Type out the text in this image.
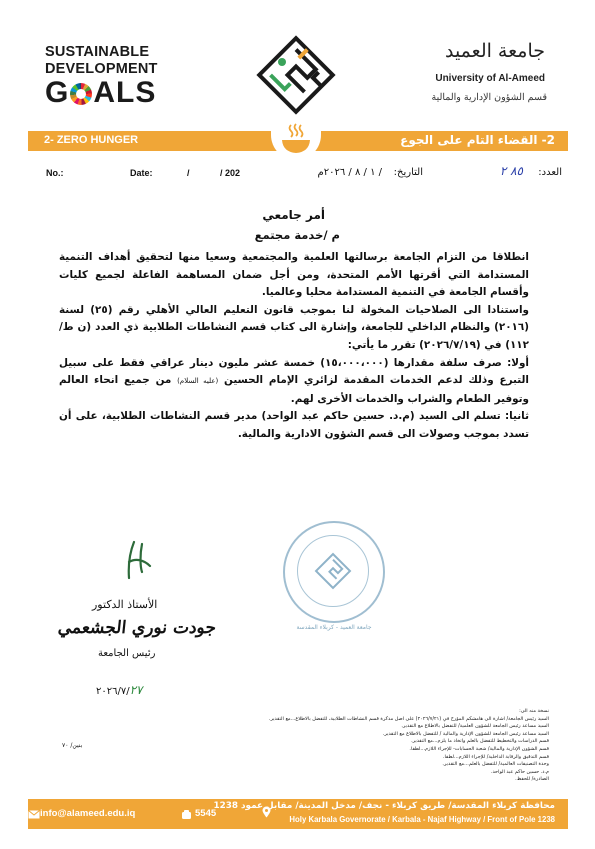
SUSTAINABLE
DEVELOPMENT
G ALS
جامعة العميد
University of Al-Ameed
قسم الشؤون الإدارية والمالية
2- ZERO HUNGER	2- القضاء التام على الجوع
No.:	Date:	/	/ 202	العدد:
٨٥ ٢
التاريخ:
/ ١ / ٨ / ٢٠٢٦م
أمر جامعي
م /خدمة مجتمع

انطلاقا من التزام الجامعة برسالتها العلمية والمجتمعية وسعيا منها لتحقيق أهداف التنمية المستدامة التي أقرتها الأمم المتحدة، ومن أجل ضمان المساهمة الفاعلة لجميع كليات وأقسام الجامعة في التنمية المستدامة محليا وعالميا.

واستنادا الى الصلاحيات المخولة لنا بموجب قانون التعليم العالي الأهلي رقم (٢٥) لسنة (٢٠١٦) والنظام الداخلي للجامعة، وإشارة الى كتاب قسم النشاطات الطلابية ذي العدد (ن ط/١١٢) في (٢٠٢٦/٧/١٩) تقرر ما يأتي:

أولا: صرف سلفة مقدارها (١٥،٠٠٠،٠٠٠) خمسة عشر مليون دينار عراقي فقط على سبيل التبرع وذلك لدعم الخدمات المقدمة لزائري الإمام الحسين (عليه السلام) من جميع انحاء العالم وتوفير الطعام والشراب والخدمات الأخرى لهم.

ثانيا: تسلم الى السيد (م.د. حسين حاكم عبد الواحد) مدير قسم النشاطات الطلابية، على أن تسدد بموجب وصولات الى قسم الشؤون الادارية والمالية.

جامعة العميد - كربلاء المقدسة
الأستاذ الدكتور
جودت نوري الجشعمي
رئيس الجامعة
٢٠٢٦/٧/٢٧
نسخة منه الى:
السيد رئيس الجامعة/ اشارة الى هامشكم المؤرخ في (٢٠٢٦/٧/٢١) على اصل مذكرة قسم النشاطات الطلابية، للتفضل بالاطلاع...مع التقدير.
السيد مساعد رئيس الجامعة للشؤون العلمية/ للتفضل بالاطلاع مع التقدير.
السيد مساعد رئيس الجامعة للشؤون الإدارية والمالية / للتفضل بالاطلاع مع التقدير.
قسم الدراسات والتخطيط للتفضل بالعلم واتخاذ ما يلزم...مع التقدير.
قسم الشؤون الإدارية والمالية/ شعبة الحسابات- للإجراء اللازم...لطفا.
قسم التدقيق والرقابة الداخلية/ للإجراء اللازم...لطفا.
وحدة التصنيفات العالمية/ للتفضل بالعلم...مع التقدير.
م.د. حسين حاكم عبد الواحد.
الصادرة/ للحفظ.
بنين/ ٧٠
info@alameed.edu.iq	5545
محافظة كربلاء المقدسة/ طريق كربلاء - نجف/ مدخل المدينة/ مقابل عمود 1238
Holy Karbala Governorate / Karbala - Najaf Highway / Front of Pole 1238
